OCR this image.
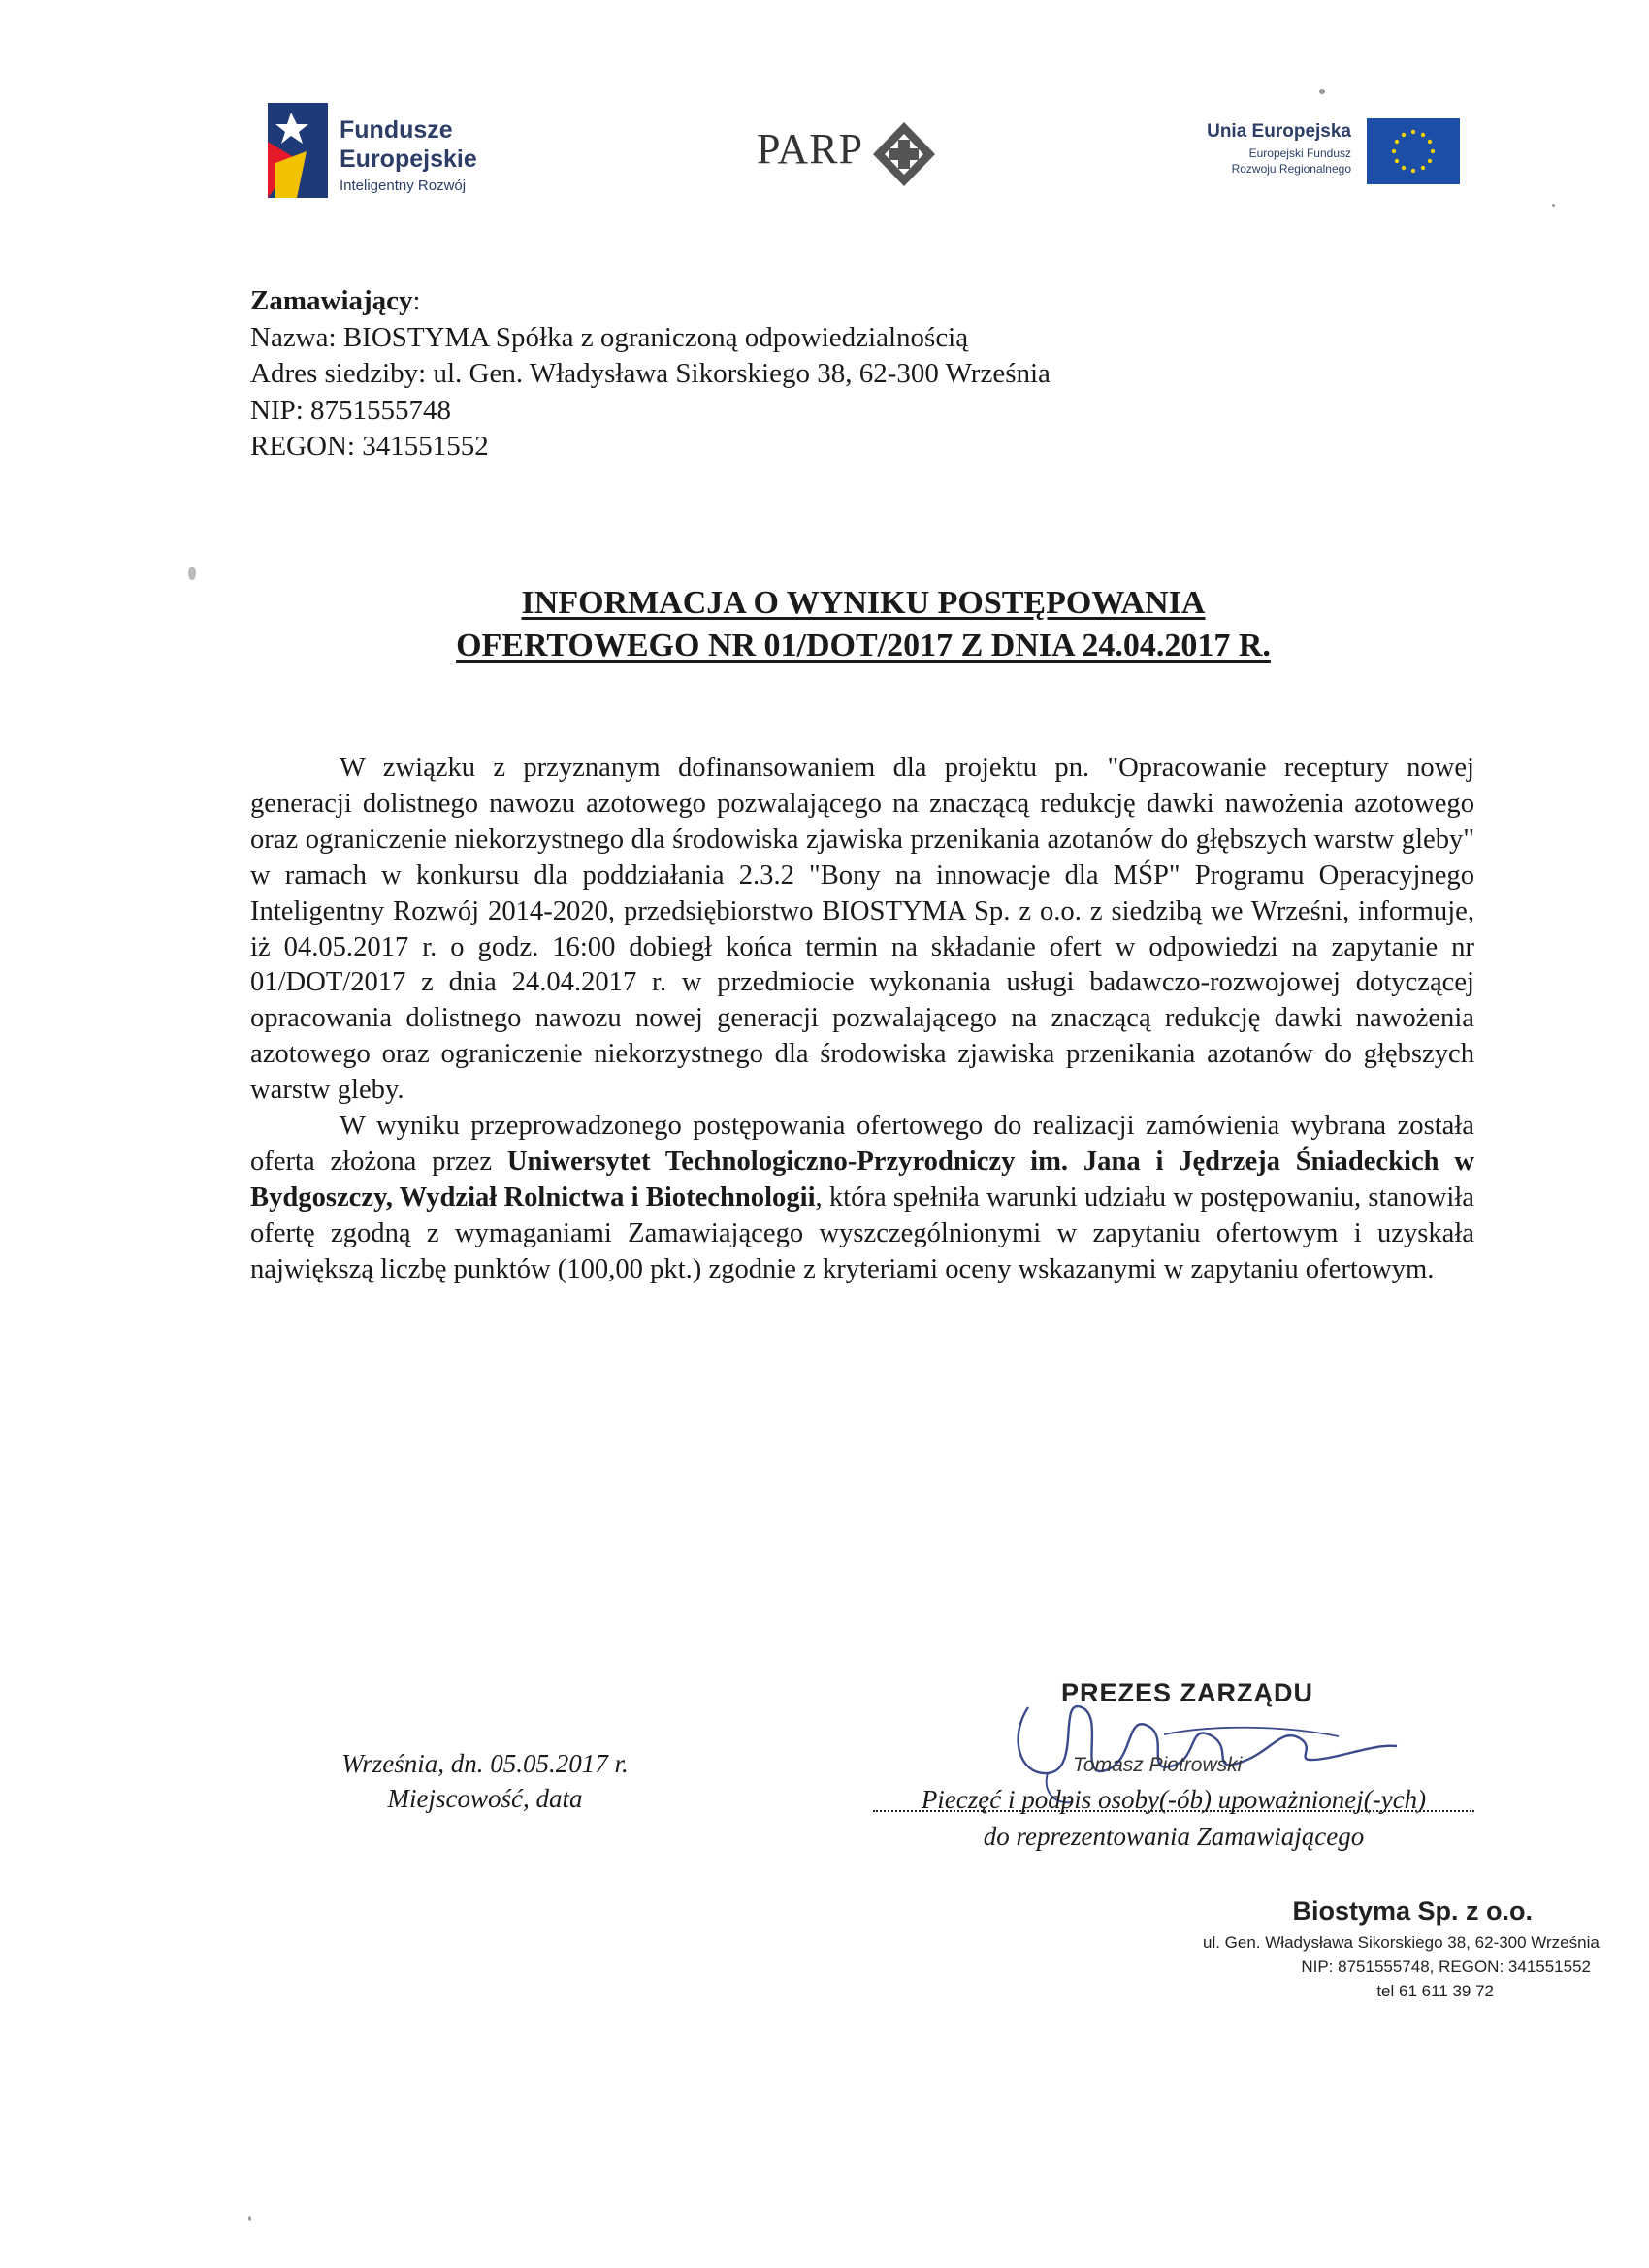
Fundusze
Europejskie
Inteligentny Rozwój
PARP	Unia Europejska
Europejski Fundusz
Rozwoju Regionalnego
Zamawiający:
Nazwa: BIOSTYMA Spółka z ograniczoną odpowiedzialnością
Adres siedziby: ul. Gen. Władysława Sikorskiego 38, 62-300 Września
NIP: 8751555748
REGON: 341551552
INFORMACJA O WYNIKU POSTĘPOWANIA
OFERTOWEGO NR 01/DOT/2017 Z DNIA 24.04.2017 R.

W związku z przyznanym dofinansowaniem dla projektu pn. "Opracowanie receptury nowej generacji dolistnego nawozu azotowego pozwalającego na znaczącą redukcję dawki nawożenia azotowego oraz ograniczenie niekorzystnego dla środowiska zjawiska przenikania azotanów do głębszych warstw gleby" w ramach w konkursu dla poddziałania 2.3.2 "Bony na innowacje dla MŚP" Programu Operacyjnego Inteligentny Rozwój 2014-2020, przedsiębiorstwo BIOSTYMA Sp. z o.o. z siedzibą we Wrześni, informuje, iż 04.05.2017 r. o godz. 16:00 dobiegł końca termin na składanie ofert w odpowiedzi na zapytanie nr 01/DOT/2017 z dnia 24.04.2017 r. w przedmiocie wykonania usługi badawczo-rozwojowej dotyczącej opracowania dolistnego nawozu nowej generacji pozwalającego na znaczącą redukcję dawki nawożenia azotowego oraz ograniczenie niekorzystnego dla środowiska zjawiska przenikania azotanów do głębszych warstw gleby.

W wyniku przeprowadzonego postępowania ofertowego do realizacji zamówienia wybrana została oferta złożona przez Uniwersytet Technologiczno-Przyrodniczy im. Jana i Jędrzeja Śniadeckich w Bydgoszczy, Wydział Rolnictwa i Biotechnologii, która spełniła warunki udziału w postępowaniu, stanowiła ofertę zgodną z wymaganiami Zamawiającego wyszczególnionymi w zapytaniu ofertowym i uzyskała największą liczbę punktów (100,00 pkt.) zgodnie z kryteriami oceny wskazanymi w zapytaniu ofertowym.

Września, dn. 05.05.2017 r.
Miejscowość, data
PREZES ZARZĄDU
Tomasz Piotrowski
Pieczęć i podpis osoby(-ób) upoważnionej(-ych)
do reprezentowania Zamawiającego
Biostyma Sp. z o.o.
ul. Gen. Władysława Sikorskiego 38, 62-300 Września
NIP: 8751555748, REGON: 341551552
tel 61 611 39 72
